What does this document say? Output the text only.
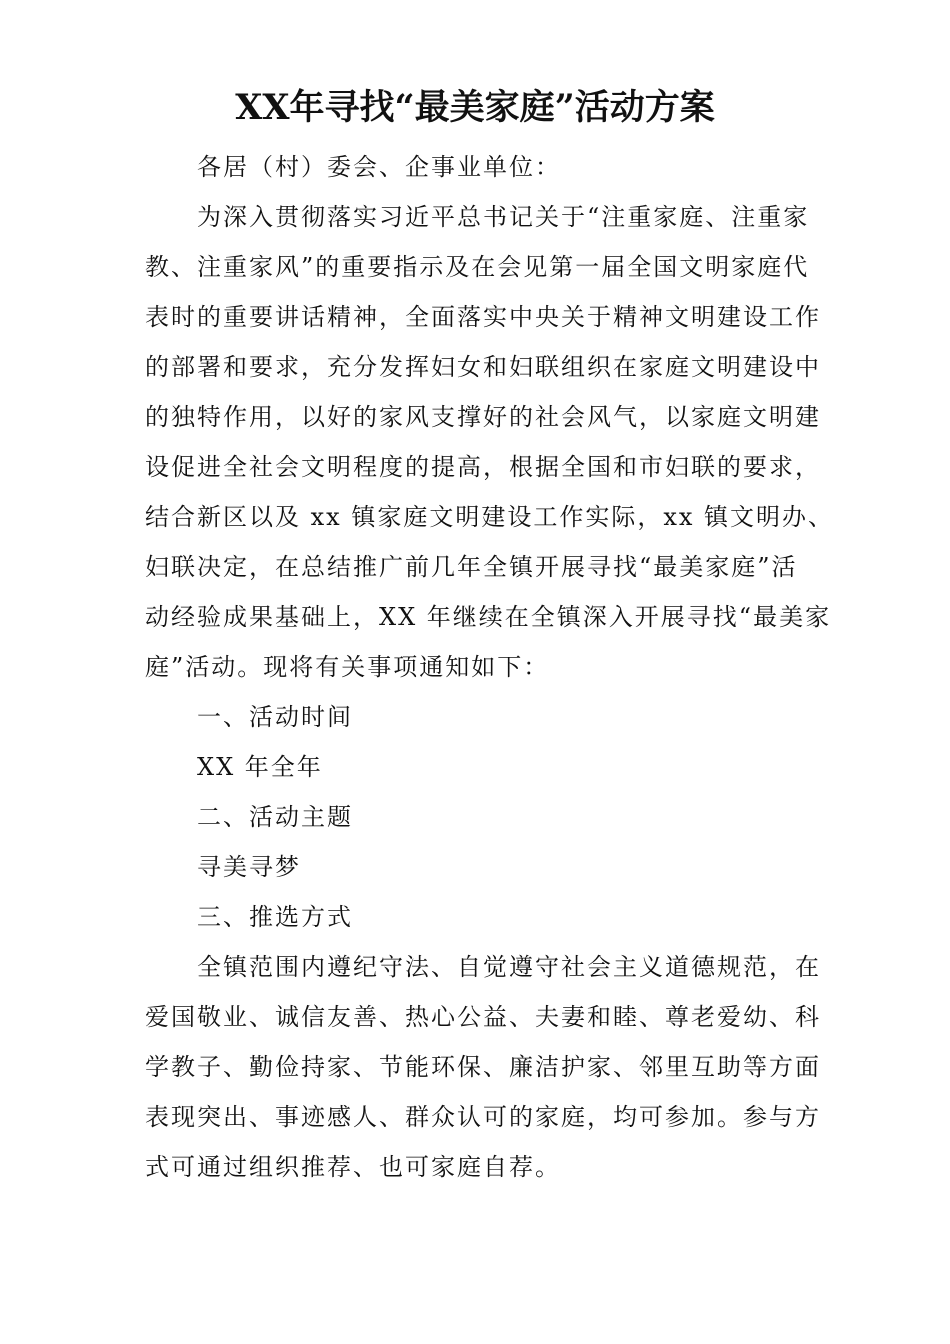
XX年寻找“最美家庭”活动方案

各居（村）委会、企事业单位：

为深入贯彻落实习近平总书记关于“注重家庭、注重家
教、注重家风”的重要指示及在会见第一届全国文明家庭代
表时的重要讲话精神，全面落实中央关于精神文明建设工作
的部署和要求，充分发挥妇女和妇联组织在家庭文明建设中
的独特作用，以好的家风支撑好的社会风气，以家庭文明建
设促进全社会文明程度的提高，根据全国和市妇联的要求，
结合新区以及 xx 镇家庭文明建设工作实际，xx 镇文明办、
妇联决定，在总结推广前几年全镇开展寻找“最美家庭”活
动经验成果基础上，XX 年继续在全镇深入开展寻找“最美家
庭”活动。现将有关事项通知如下：

一、活动时间

XX 年全年

二、活动主题

寻美寻梦

三、推选方式

全镇范围内遵纪守法、自觉遵守社会主义道德规范，在
爱国敬业、诚信友善、热心公益、夫妻和睦、尊老爱幼、科
学教子、勤俭持家、节能环保、廉洁护家、邻里互助等方面
表现突出、事迹感人、群众认可的家庭，均可参加。参与方
式可通过组织推荐、也可家庭自荐。
